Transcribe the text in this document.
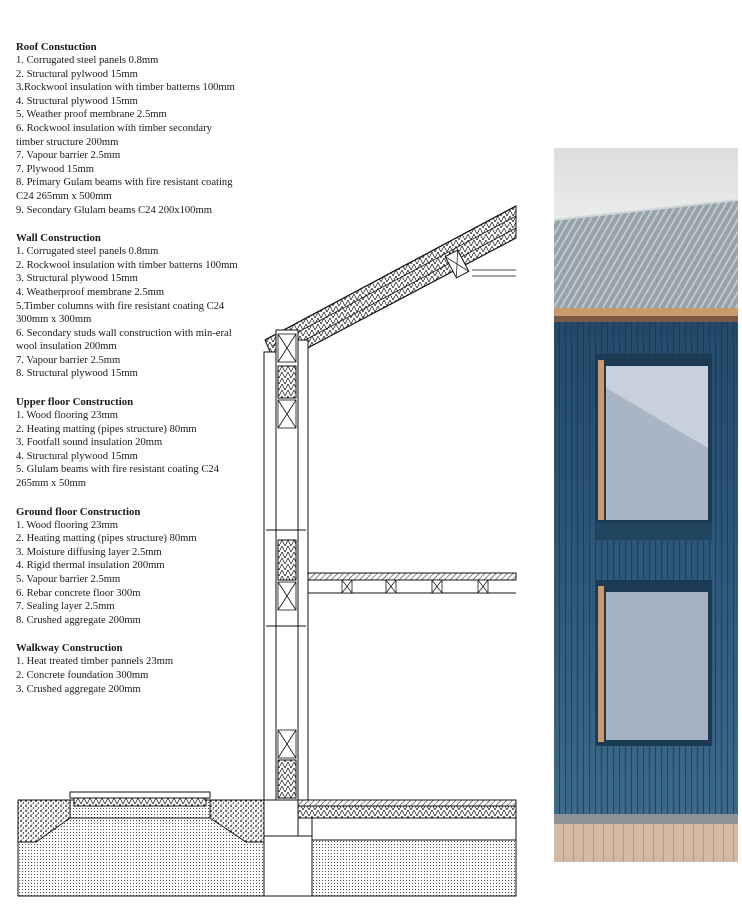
Roof Constuction
1. Corrugated steel panels 0.8mm
2. Structural pylwood 15mm
3.Rockwool insulation with timber batterns 100mm
4. Structural plywood 15mm
5. Weather proof membrane 2.5mm
6. Rockwool insulation with timber secondary timber structure 200mm
7. Vapour barrier 2.5mm
7. Plywood 15mm
8. Primary Gulam beams with fire resistant coating C24 265mm x 500mm
9. Secondary Glulam beams C24 200x100mm
Wall Construction
1. Corrugated steel panels 0.8mm
2. Rockwool insulation with timber batterns 100mm
3. Structural plywood 15mm
4. Weatherproof membrane 2.5mm
5.Timber columns with fire resistant coating C24 300mm x 300mm
6. Secondary studs wall construction with min-eral wool insulation 200mm
7. Vapour barrier 2.5mm
8. Structural plywood 15mm
Upper floor Construction
1. Wood flooring 23mm
2. Heating matting (pipes structure) 80mm
3. Footfall sound insulation 20mm
4. Structural plywood 15mm
5. Glulam beams with fire resistant coating C24 265mm x 50mm
Ground floor Construction
1. Wood flooring 23mm
2. Heating matting (pipes structure) 80mm
3. Moisture diffusing layer 2.5mm
4. Rigid thermal insulation 200mm
5. Vapour barrier 2.5mm
6. Rebar concrete floor 300m
7. Sealing layer 2.5mm
8. Crushed aggregate 200mm
Walkway Construction
1. Heat treated timber pannels 23mm
2. Concrete foundation 300mm
3. Crushed aggregate 200mm
